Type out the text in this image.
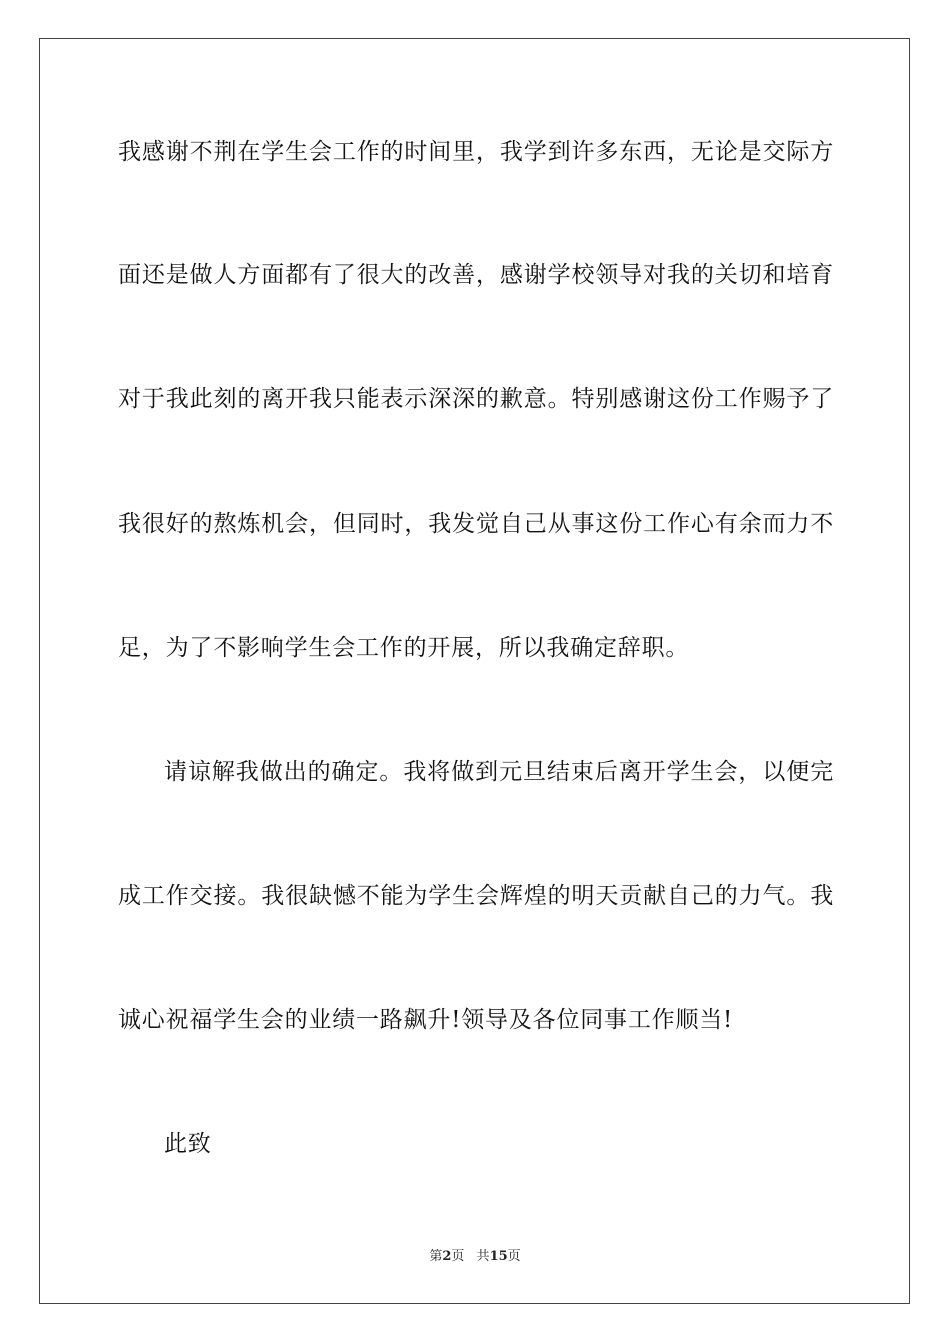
我感谢不荆在学生会工作的时间里，我学到许多东西，无论是交际方
面还是做人方面都有了很大的改善，感谢学校领导对我的关切和培育
对于我此刻的离开我只能表示深深的歉意。特别感谢这份工作赐予了
我很好的熬炼机会，但同时，我发觉自己从事这份工作心有余而力不
足，为了不影响学生会工作的开展，所以我确定辞职。
请谅解我做出的确定。我将做到元旦结束后离开学生会，以便完
成工作交接。我很缺憾不能为学生会辉煌的明天贡献自己的力气。我
诚心祝福学生会的业绩一路飙升!领导及各位同事工作顺当!
此致
第2页 共15页
